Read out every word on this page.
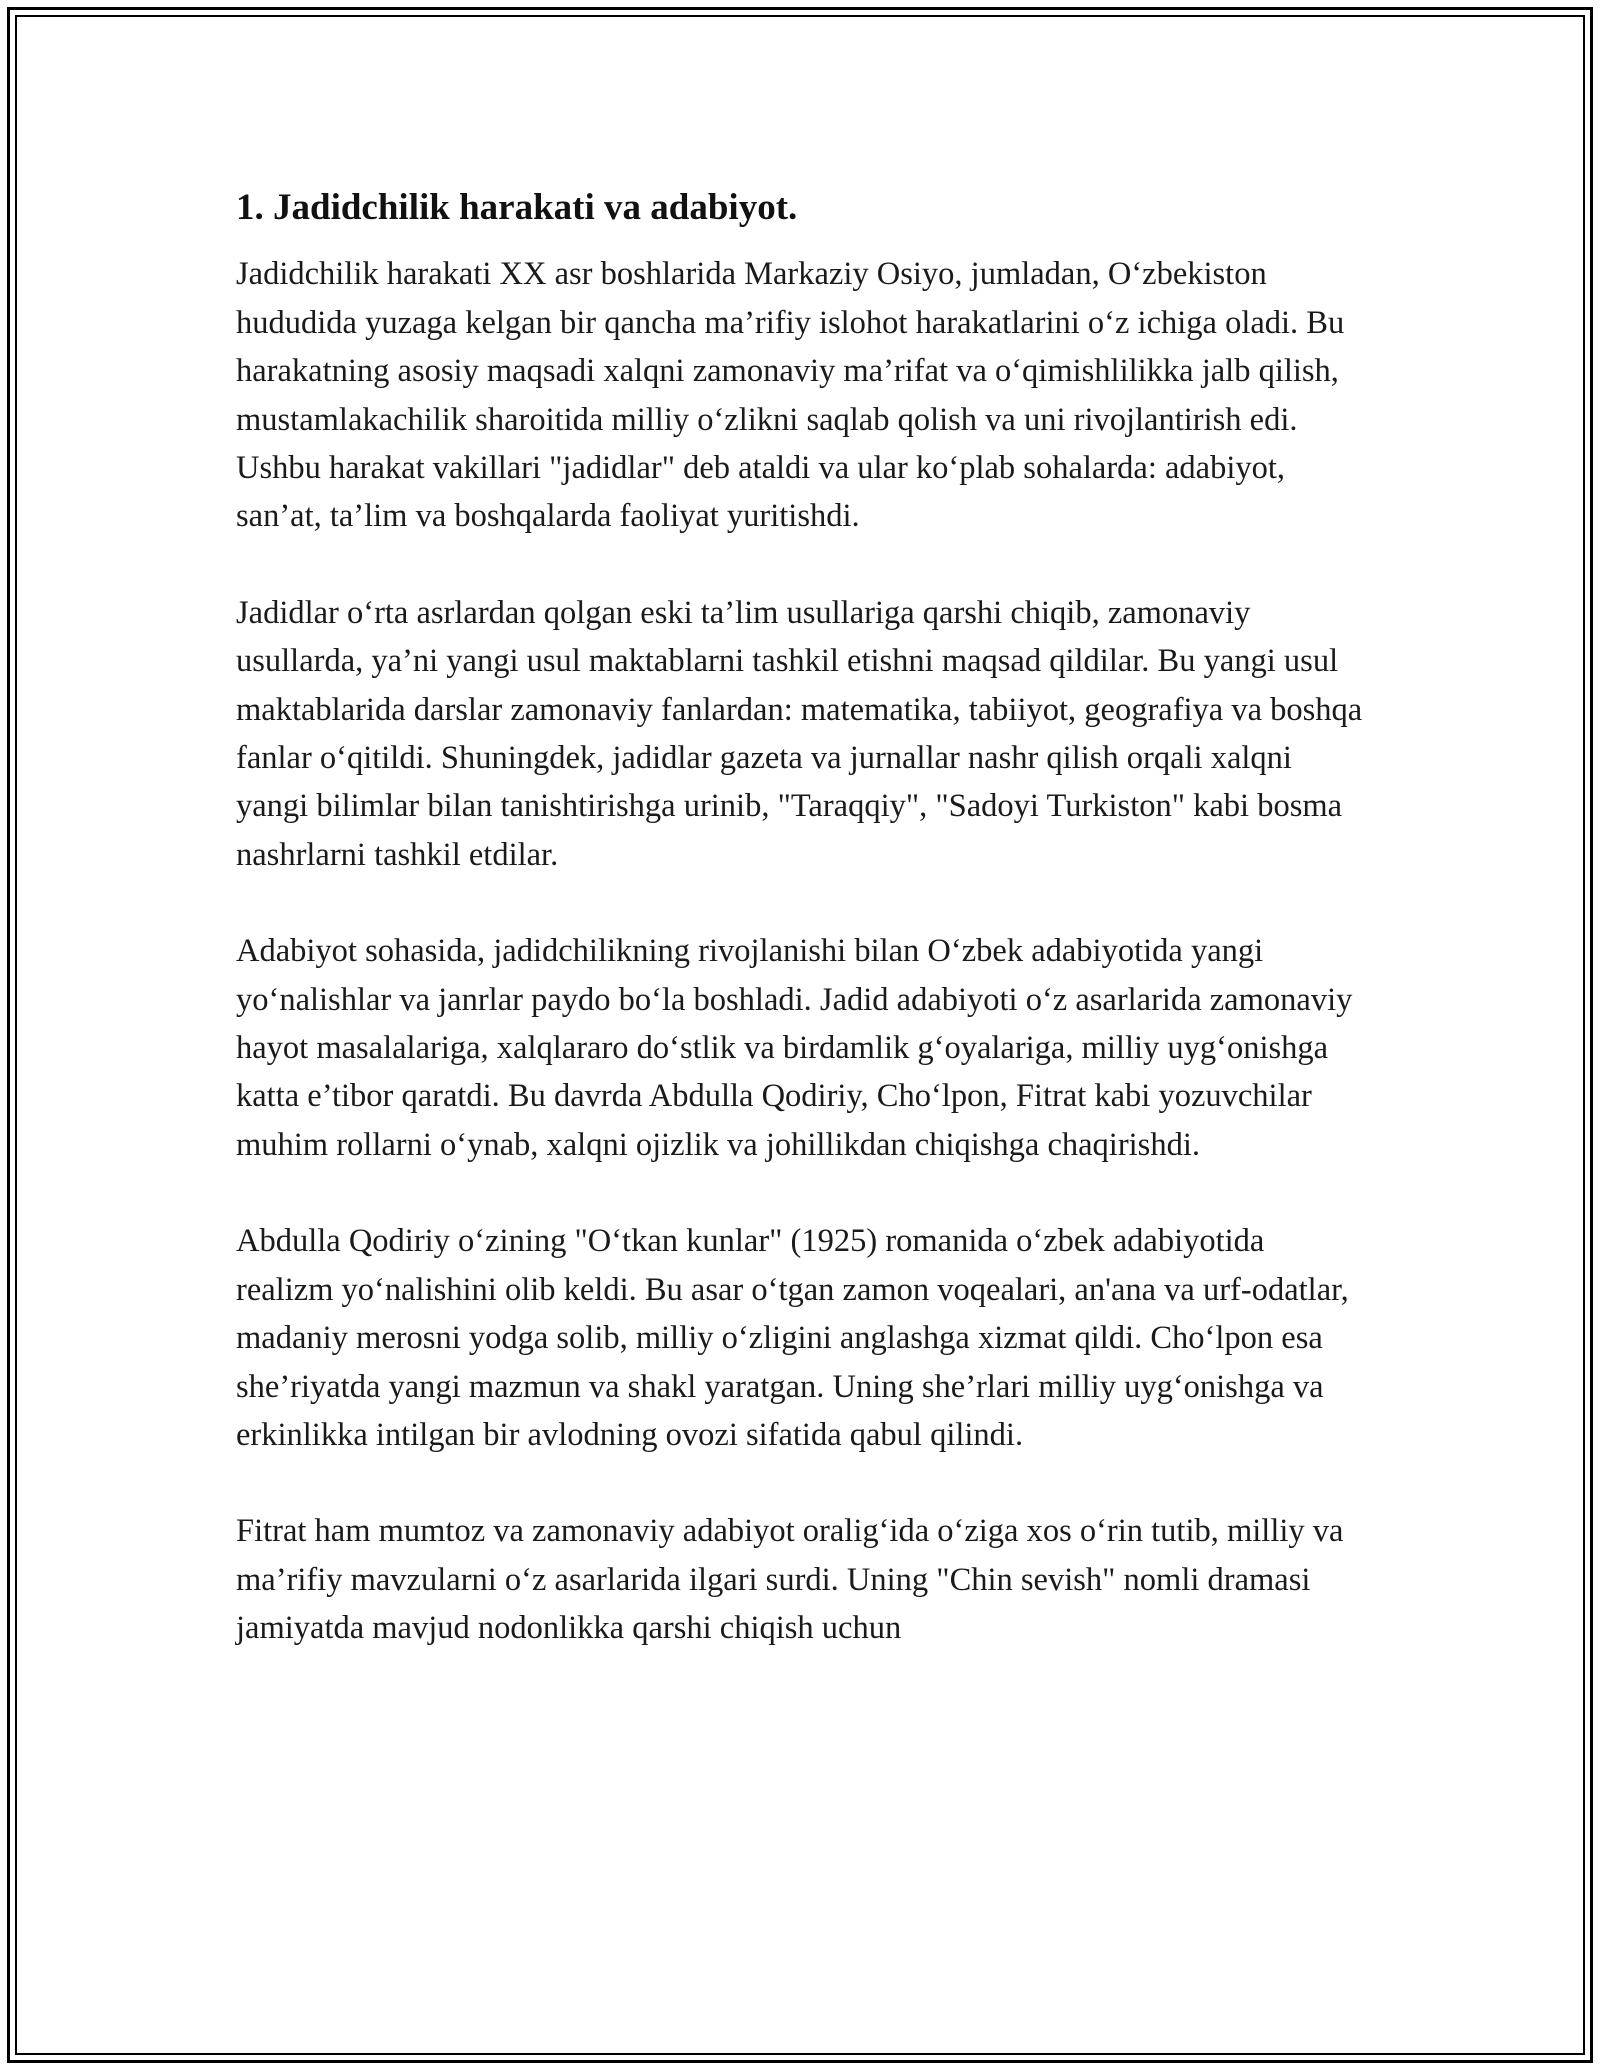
1. Jadidchilik harakati va adabiyot.

Jadidchilik harakati XX asr boshlarida Markaziy Osiyo, jumladan, O‘zbekiston hududida yuzaga kelgan bir qancha ma’rifiy islohot harakatlarini o‘z ichiga oladi. Bu harakatning asosiy maqsadi xalqni zamonaviy ma’rifat va o‘qimishlilikka jalb qilish, mustamlakachilik sharoitida milliy o‘zlikni saqlab qolish va uni rivojlantirish edi. Ushbu harakat vakillari "jadidlar" deb ataldi va ular ko‘plab sohalarda: adabiyot, san’at, ta’lim va boshqalarda faoliyat yuritishdi.

Jadidlar o‘rta asrlardan qolgan eski ta’lim usullariga qarshi chiqib, zamonaviy usullarda, ya’ni yangi usul maktablarni tashkil etishni maqsad qildilar. Bu yangi usul maktablarida darslar zamonaviy fanlardan: matematika, tabiiyot, geografiya va boshqa fanlar o‘qitildi. Shuningdek, jadidlar gazeta va jurnallar nashr qilish orqali xalqni yangi bilimlar bilan tanishtirishga urinib, "Taraqqiy", "Sadoyi Turkiston" kabi bosma nashrlarni tashkil etdilar.

Adabiyot sohasida, jadidchilikning rivojlanishi bilan O‘zbek adabiyotida yangi yo‘nalishlar va janrlar paydo bo‘la boshladi. Jadid adabiyoti o‘z asarlarida zamonaviy hayot masalalariga, xalqlararo do‘stlik va birdamlik g‘oyalariga, milliy uyg‘onishga katta e’tibor qaratdi. Bu davrda Abdulla Qodiriy, Cho‘lpon, Fitrat kabi yozuvchilar muhim rollarni o‘ynab, xalqni ojizlik va johillikdan chiqishga chaqirishdi.

Abdulla Qodiriy o‘zining "O‘tkan kunlar" (1925) romanida o‘zbek adabiyotida realizm yo‘nalishini olib keldi. Bu asar o‘tgan zamon voqealari, an'ana va urf-odatlar, madaniy merosni yodga solib, milliy o‘zligini anglashga xizmat qildi. Cho‘lpon esa she’riyatda yangi mazmun va shakl yaratgan. Uning she’rlari milliy uyg‘onishga va erkinlikka intilgan bir avlodning ovozi sifatida qabul qilindi.

Fitrat ham mumtoz va zamonaviy adabiyot oralig‘ida o‘ziga xos o‘rin tutib, milliy va ma’rifiy mavzularni o‘z asarlarida ilgari surdi. Uning "Chin sevish" nomli dramasi jamiyatda mavjud nodonlikka qarshi chiqish uchun
